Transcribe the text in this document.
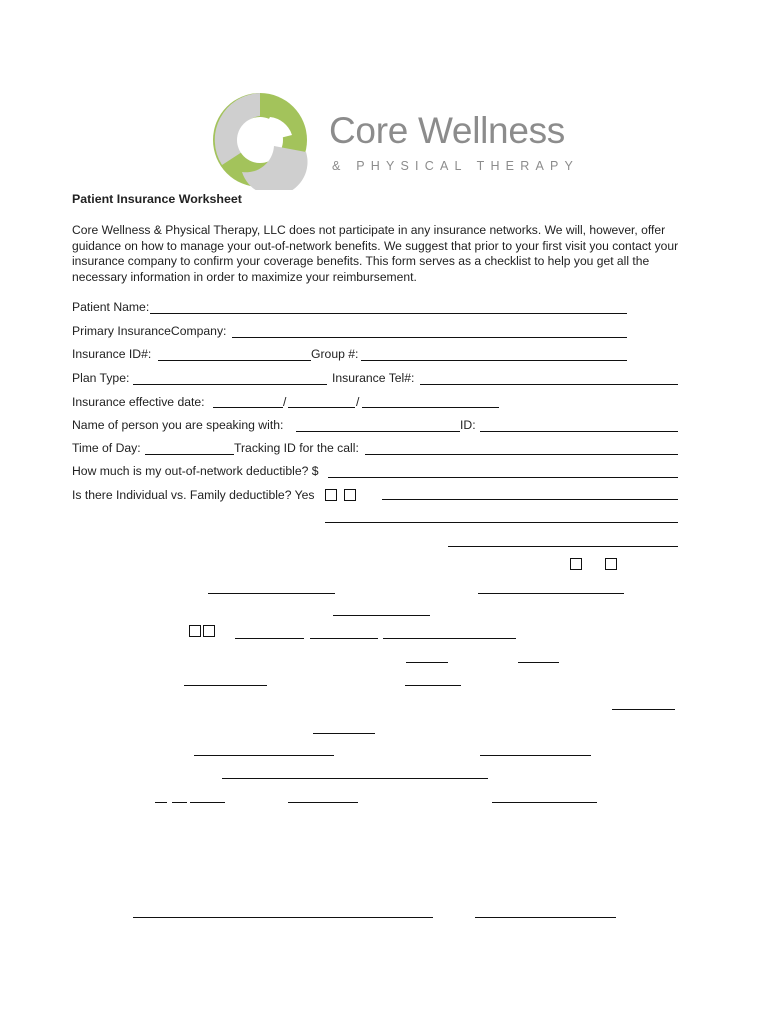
Core Wellness
& PHYSICAL THERAPY
Patient Insurance Worksheet
Core Wellness & Physical Therapy, LLC does not participate in any insurance networks. We will, however, offer guidance on how to manage your out-of-network benefits. We suggest that prior to your first visit you contact your insurance company to confirm your coverage benefits. This form serves as a checklist to help you get all the necessary information in order to maximize your reimbursement.
Patient Name:
Primary InsuranceCompany:
Insurance ID#:	Group #:
Plan Type:	Insurance Tel#:
Insurance effective date:	/	/
Name of person you are speaking with:	ID:
Time of Day:	Tracking ID for the call:
How much is my out-of-network deductible? $
Is there Individual vs. Family deductible? Yes
